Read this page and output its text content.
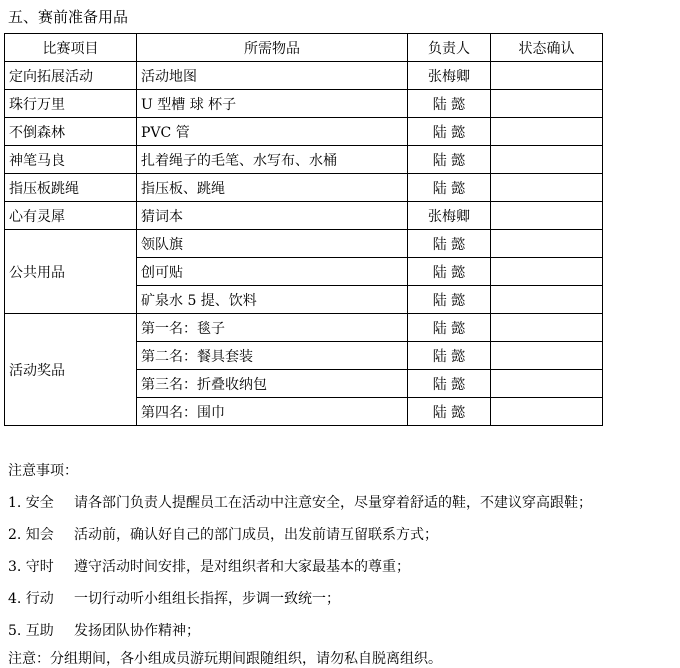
五、赛前准备用品
比赛项目	所需物品	负责人	状态确认
定向拓展活动	活动地图	张梅卿	
珠行万里	U 型槽 球 杯子	陆 懿	
不倒森林	PVC 管	陆 懿	
神笔马良	扎着绳子的毛笔、水写布、水桶	陆 懿	
指压板跳绳	指压板、跳绳	陆 懿	
心有灵犀	猜词本	张梅卿	
公共用品	领队旗	陆 懿	
	创可贴	陆 懿	
	矿泉水 5 提、饮料	陆 懿	
活动奖品	第一名：毯子	陆 懿	
	第二名：餐具套装	陆 懿	
	第三名：折叠收纳包	陆 懿	
	第四名：围巾	陆 懿	
注意事项：
1. 安全 请各部门负责人提醒员工在活动中注意安全，尽量穿着舒适的鞋，不建议穿高跟鞋；
2. 知会 活动前，确认好自己的部门成员，出发前请互留联系方式；
3. 守时 遵守活动时间安排，是对组织者和大家最基本的尊重；
4. 行动 一切行动听小组组长指挥，步调一致统一；
5. 互助 发扬团队协作精神；
注意：分组期间，各小组成员游玩期间跟随组织，请勿私自脱离组织。
